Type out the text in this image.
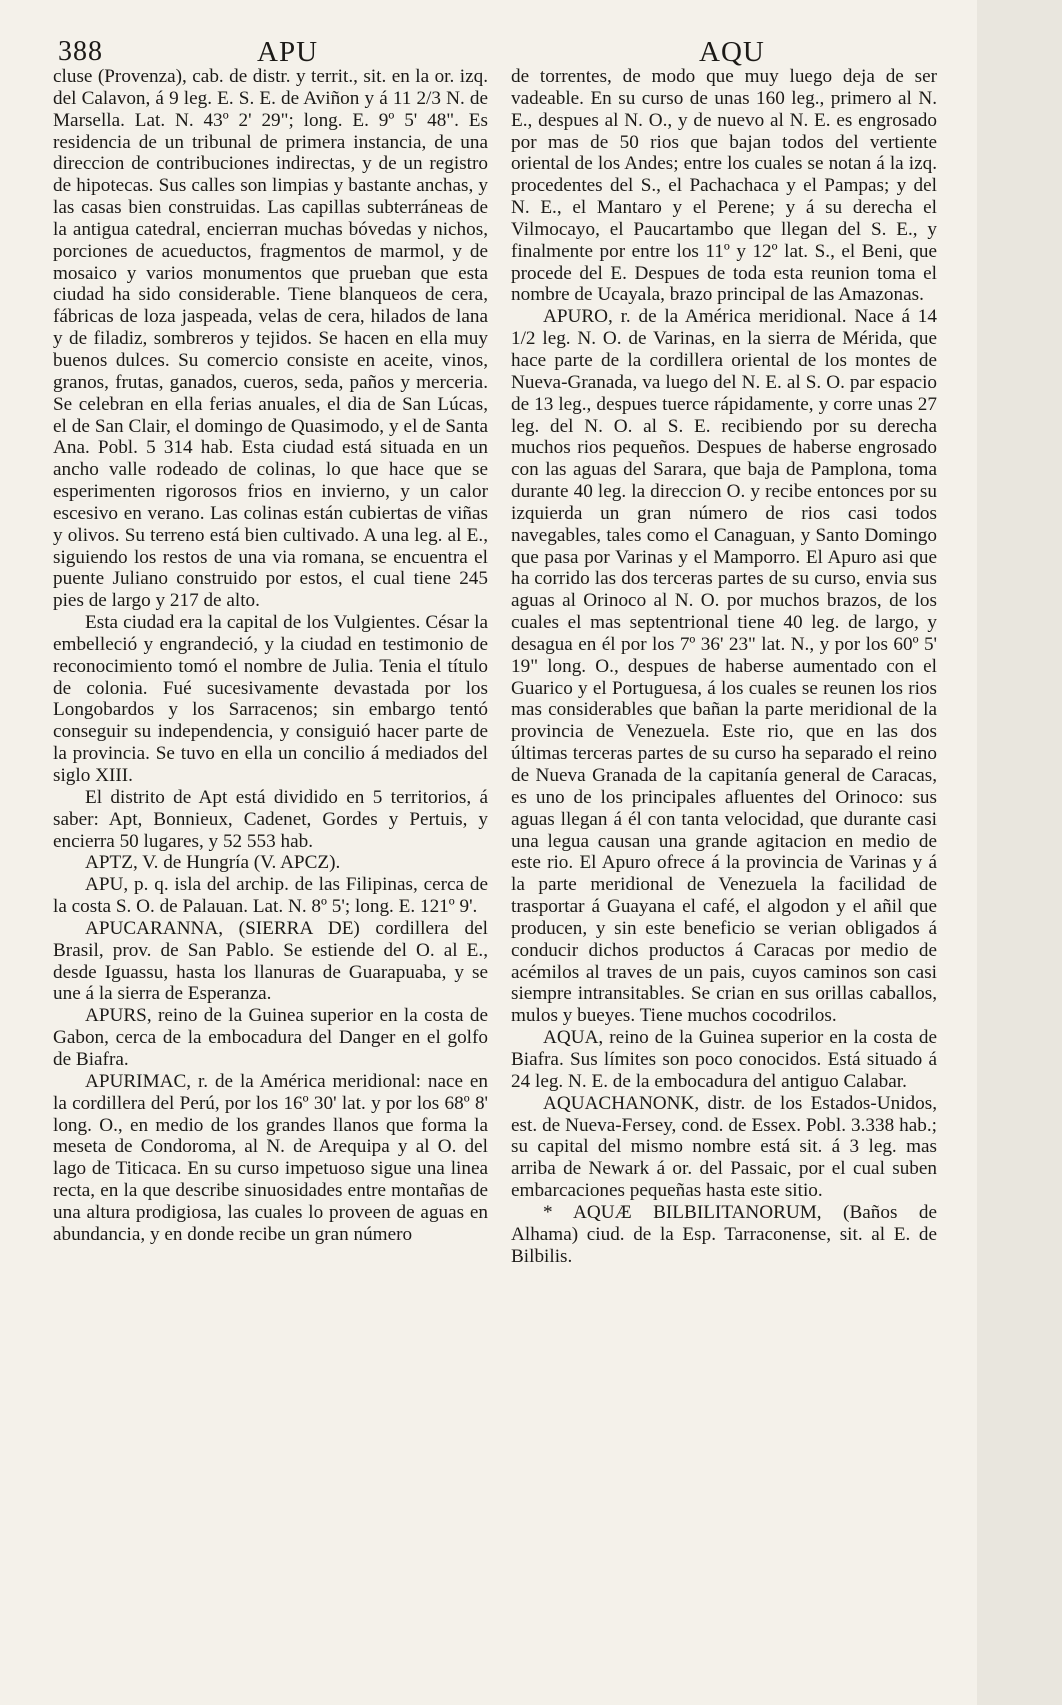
388	APU	AQU

cluse (Provenza), cab. de distr. y territ., sit. en la or. izq. del Calavon, á 9 leg. E. S. E. de Aviñon y á 11 2/3 N. de Marsella. Lat. N. 43º 2' 29"; long. E. 9º 5' 48". Es residencia de un tribunal de primera instancia, de una direccion de contribuciones indirectas, y de un registro de hipotecas. Sus calles son limpias y bastante anchas, y las casas bien construidas. Las capillas subterráneas de la antigua catedral, encierran muchas bóvedas y nichos, porciones de acueductos, fragmentos de marmol, y de mosaico y varios monumentos que prueban que esta ciudad ha sido considerable. Tiene blanqueos de cera, fábricas de loza jaspeada, velas de cera, hilados de lana y de filadiz, sombreros y tejidos. Se hacen en ella muy buenos dulces. Su comercio consiste en aceite, vinos, granos, frutas, ganados, cueros, seda, paños y merceria. Se celebran en ella ferias anuales, el dia de San Lúcas, el de San Clair, el domingo de Quasimodo, y el de Santa Ana. Pobl. 5 314 hab. Esta ciudad está situada en un ancho valle rodeado de colinas, lo que hace que se esperimenten rigorosos frios en invierno, y un calor escesivo en verano. Las colinas están cubiertas de viñas y olivos. Su terreno está bien cultivado. A una leg. al E., siguiendo los restos de una via romana, se encuentra el puente Juliano construido por estos, el cual tiene 245 pies de largo y 217 de alto.

Esta ciudad era la capital de los Vulgientes. César la embelleció y engrandeció, y la ciudad en testimonio de reconocimiento tomó el nombre de Julia. Tenia el título de colonia. Fué sucesivamente devastada por los Longobardos y los Sarracenos; sin embargo tentó conseguir su independencia, y consiguió hacer parte de la provincia. Se tuvo en ella un concilio á mediados del siglo XIII.

El distrito de Apt está dividido en 5 territorios, á saber: Apt, Bonnieux, Cadenet, Gordes y Pertuis, y encierra 50 lugares, y 52 553 hab.

APTZ, V. de Hungría (V. APCZ).

APU, p. q. isla del archip. de las Filipinas, cerca de la costa S. O. de Palauan. Lat. N. 8º 5'; long. E. 121º 9'.

APUCARANNA, (SIERRA DE) cordillera del Brasil, prov. de San Pablo. Se estiende del O. al E., desde Iguassu, hasta los llanuras de Guarapuaba, y se une á la sierra de Esperanza.

APURS, reino de la Guinea superior en la costa de Gabon, cerca de la embocadura del Danger en el golfo de Biafra.

APURIMAC, r. de la América meridional: nace en la cordillera del Perú, por los 16º 30' lat. y por los 68º 8' long. O., en medio de los grandes llanos que forma la meseta de Condoroma, al N. de Arequipa y al O. del lago de Titicaca. En su curso impetuoso sigue una linea recta, en la que describe sinuosidades entre montañas de una altura prodigiosa, las cuales lo proveen de aguas en abundancia, y en donde recibe un gran número

de torrentes, de modo que muy luego deja de ser vadeable. En su curso de unas 160 leg., primero al N. E., despues al N. O., y de nuevo al N. E. es engrosado por mas de 50 rios que bajan todos del vertiente oriental de los Andes; entre los cuales se notan á la izq. procedentes del S., el Pachachaca y el Pampas; y del N. E., el Mantaro y el Perene; y á su derecha el Vilmocayo, el Paucartambo que llegan del S. E., y finalmente por entre los 11º y 12º lat. S., el Beni, que procede del E. Despues de toda esta reunion toma el nombre de Ucayala, brazo principal de las Amazonas.

APURO, r. de la América meridional. Nace á 14 1/2 leg. N. O. de Varinas, en la sierra de Mérida, que hace parte de la cordillera oriental de los montes de Nueva-Granada, va luego del N. E. al S. O. par espacio de 13 leg., despues tuerce rápidamente, y corre unas 27 leg. del N. O. al S. E. recibiendo por su derecha muchos rios pequeños. Despues de haberse engrosado con las aguas del Sarara, que baja de Pamplona, toma durante 40 leg. la direccion O. y recibe entonces por su izquierda un gran número de rios casi todos navegables, tales como el Canaguan, y Santo Domingo que pasa por Varinas y el Mamporro. El Apuro asi que ha corrido las dos terceras partes de su curso, envia sus aguas al Orinoco al N. O. por muchos brazos, de los cuales el mas septentrional tiene 40 leg. de largo, y desagua en él por los 7º 36' 23" lat. N., y por los 60º 5' 19" long. O., despues de haberse aumentado con el Guarico y el Portuguesa, á los cuales se reunen los rios mas considerables que bañan la parte meridional de la provincia de Venezuela. Este rio, que en las dos últimas terceras partes de su curso ha separado el reino de Nueva Granada de la capitanía general de Caracas, es uno de los principales afluentes del Orinoco: sus aguas llegan á él con tanta velocidad, que durante casi una legua causan una grande agitacion en medio de este rio. El Apuro ofrece á la provincia de Varinas y á la parte meridional de Venezuela la facilidad de trasportar á Guayana el café, el algodon y el añil que producen, y sin este beneficio se verian obligados á conducir dichos productos á Caracas por medio de acémilos al traves de un pais, cuyos caminos son casi siempre intransitables. Se crian en sus orillas caballos, mulos y bueyes. Tiene muchos cocodrilos.

AQUA, reino de la Guinea superior en la costa de Biafra. Sus límites son poco conocidos. Está situado á 24 leg. N. E. de la embocadura del antiguo Calabar.

AQUACHANONK, distr. de los Estados-Unidos, est. de Nueva-Fersey, cond. de Essex. Pobl. 3.338 hab.; su capital del mismo nombre está sit. á 3 leg. mas arriba de Newark á or. del Passaic, por el cual suben embarcaciones pequeñas hasta este sitio.

* AQUÆ BILBILITANORUM, (Baños de Alhama) ciud. de la Esp. Tarraconense, sit. al E. de Bilbilis.
